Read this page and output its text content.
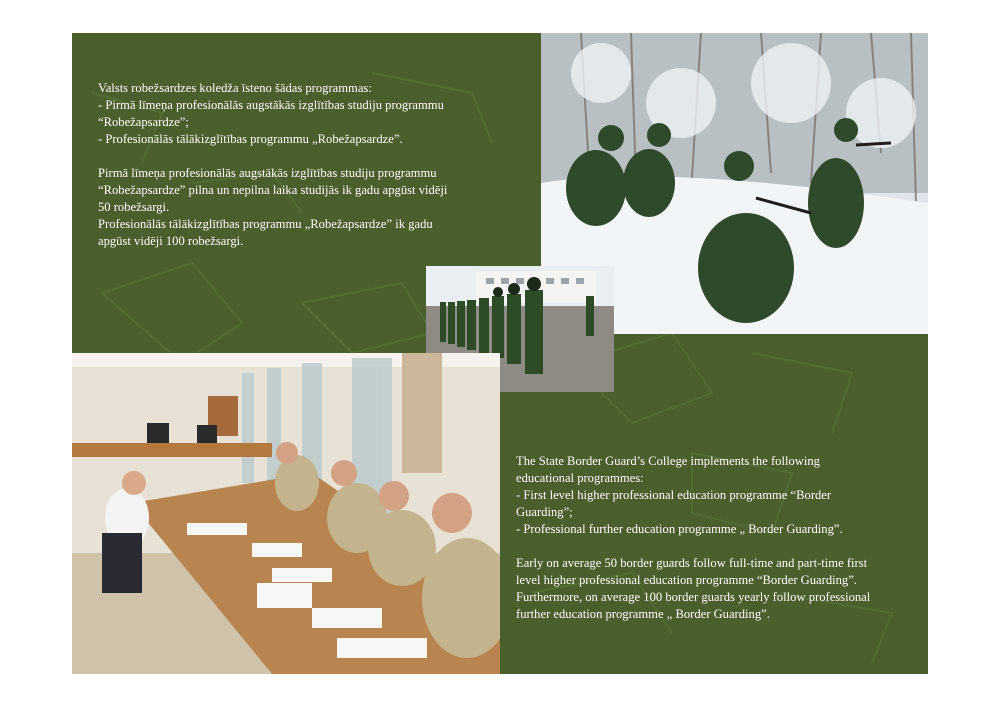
Valsts robežsardzes koledža īsteno šādas programmas:

- Pirmā līmeņa profesionālās augstākās izglītības studiju programmu

“Robežapsardze”;

- Profesionālās tālākizglītības programmu „Robežapsardze”.

Pirmā līmeņa profesionālās augstākās izglītības studiju programmu

“Robežapsardze” pilna un nepilna laika studijās ik gadu apgūst vidēji

50 robežsargi.

Profesionālās tālākizglītības programmu „Robežapsardze” ik gadu

apgūst vidēji 100 robežsargi.

The State Border Guard’s College implements the following

educational programmes:

- First level higher professional education programme “Border

Guarding”;

- Professional further education programme „ Border Guarding”.

Early on average 50 border guards follow full-time and part-time first

level higher professional education programme “Border Guarding”.

Furthermore, on average 100 border guards yearly follow professional

further education programme „ Border Guarding”.
